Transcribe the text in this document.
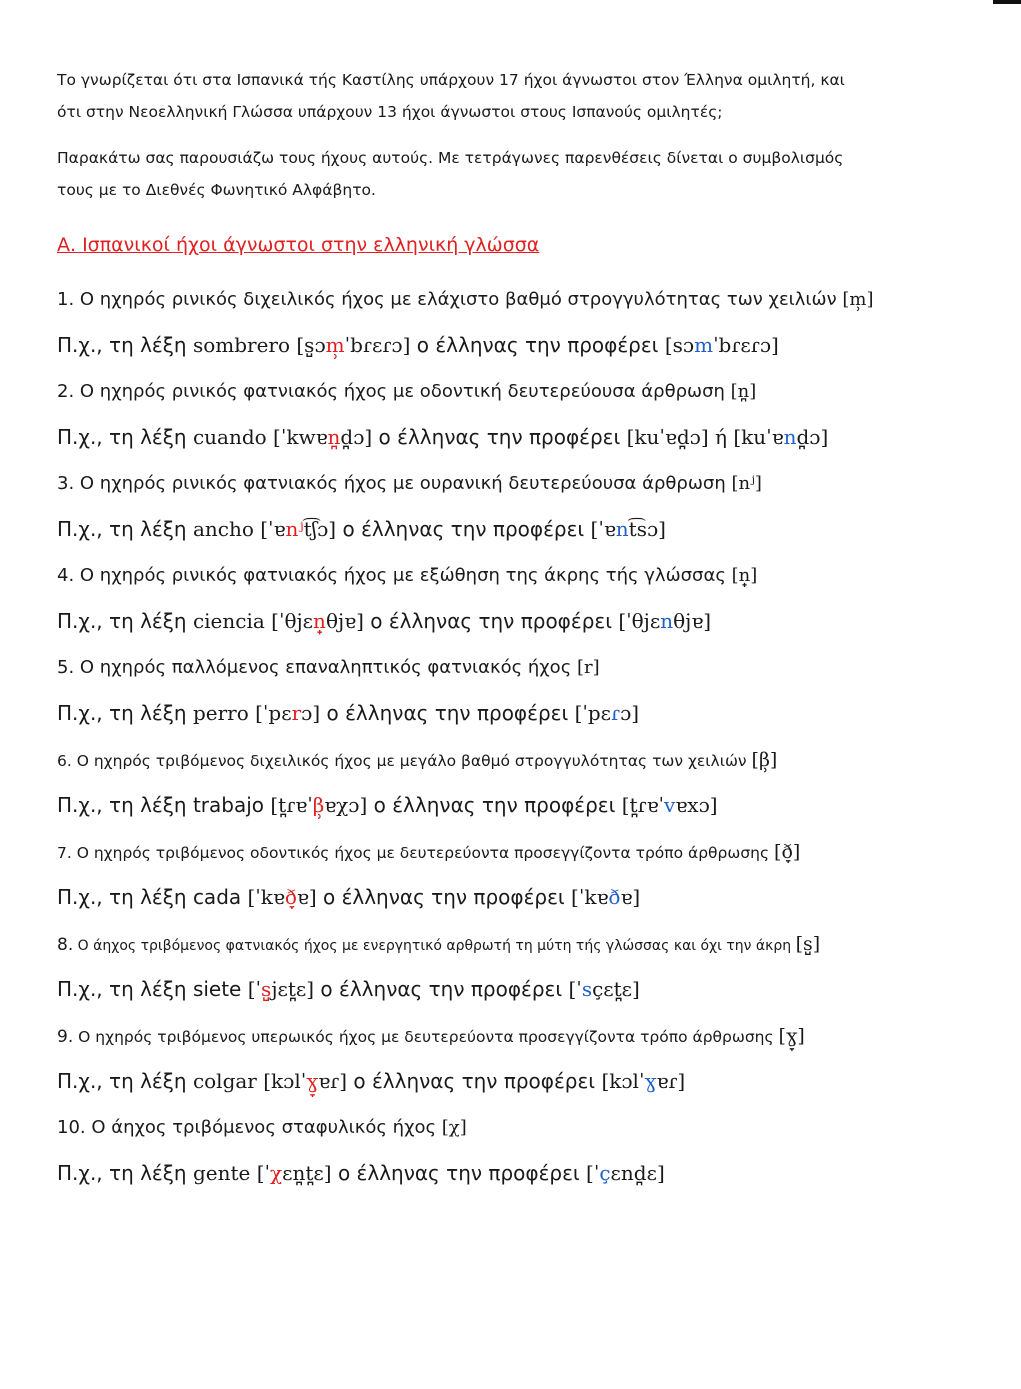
Το γνωρίζεται ότι στα Ισπανικά τής Καστίλης υπάρχουν 17 ήχοι άγνωστοι στον Έλληνα ομιλητή, και
ότι στην Νεοελληνική Γλώσσα υπάρχουν 13 ήχοι άγνωστοι στους Ισπανούς ομιλητές;

Παρακάτω σας παρουσιάζω τους ήχους αυτούς. Με τετράγωνες παρενθέσεις δίνεται ο συμβολισμός
τους με το Διεθνές Φωνητικό Αλφάβητο.

Α. Ισπανικοί ήχοι άγνωστοι στην ελληνική γλώσσα
1. Ο ηχηρός ρινικός διχειλικός ήχος με ελάχιστο βαθμό στρογγυλότητας των χειλιών [m̹]
Π.χ., τη λέξη sombrero [s̺ɔm̹ˈbɾɛɾɔ] ο έλληνας την προφέρει [sɔmˈbɾɛɾɔ]
2. Ο ηχηρός ρινικός φατνιακός ήχος με οδοντική δευτερεύουσα άρθρωση [n̪]
Π.χ., τη λέξη cuando [ˈkwɐn̪d̪ɔ] ο έλληνας την προφέρει [kuˈɐd̪ɔ] ή [kuˈɐnd̪ɔ]
3. Ο ηχηρός ρινικός φατνιακός ήχος με ουρανική δευτερεύουσα άρθρωση [nʲ]
Π.χ., τη λέξη ancho [ˈɐnʲt͡ʃɔ] ο έλληνας την προφέρει [ˈɐnt͡sɔ]
4. Ο ηχηρός ρινικός φατνιακός ήχος με εξώθηση της άκρης τής γλώσσας [n̟]
Π.χ., τη λέξη ciencia [ˈθjɛn̟θjɐ] ο έλληνας την προφέρει [ˈθjɛnθjɐ]
5. Ο ηχηρός παλλόμενος επαναληπτικός φατνιακός ήχος [r]
Π.χ., τη λέξη perro [ˈpɛrɔ] ο έλληνας την προφέρει [ˈpɛɾɔ]
6. Ο ηχηρός τριβόμενος διχειλικός ήχος με μεγάλο βαθμό στρογγυλότητας των χειλιών [β̹]
Π.χ., τη λέξη trabajo [t̪ɾɐˈβ̹ɐχɔ] ο έλληνας την προφέρει [t̪ɾɐˈvɐxɔ]
7. Ο ηχηρός τριβόμενος οδοντικός ήχος με δευτερεύοντα προσεγγίζοντα τρόπο άρθρωσης [ð̞]
Π.χ., τη λέξη cada [ˈkɐð̞ɐ] ο έλληνας την προφέρει [ˈkɐðɐ]
8. Ο άηχος τριβόμενος φατνιακός ήχος με ενεργητικό αρθρωτή τη μύτη τής γλώσσας και όχι την άκρη [s̺]
Π.χ., τη λέξη siete [ˈs̺jɛt̪ɛ] ο έλληνας την προφέρει [ˈsçɛt̪ɛ]
9. Ο ηχηρός τριβόμενος υπερωικός ήχος με δευτερεύοντα προσεγγίζοντα τρόπο άρθρωσης [ɣ̞]
Π.χ., τη λέξη colgar [kɔlˈɣ̞ɐɾ] ο έλληνας την προφέρει [kɔlˈɣɐɾ]
10. Ο άηχος τριβόμενος σταφυλικός ήχος [χ]
Π.χ., τη λέξη gente [ˈχɛn̪t̪ɛ] ο έλληνας την προφέρει [ˈçɛnd̪ɛ]
